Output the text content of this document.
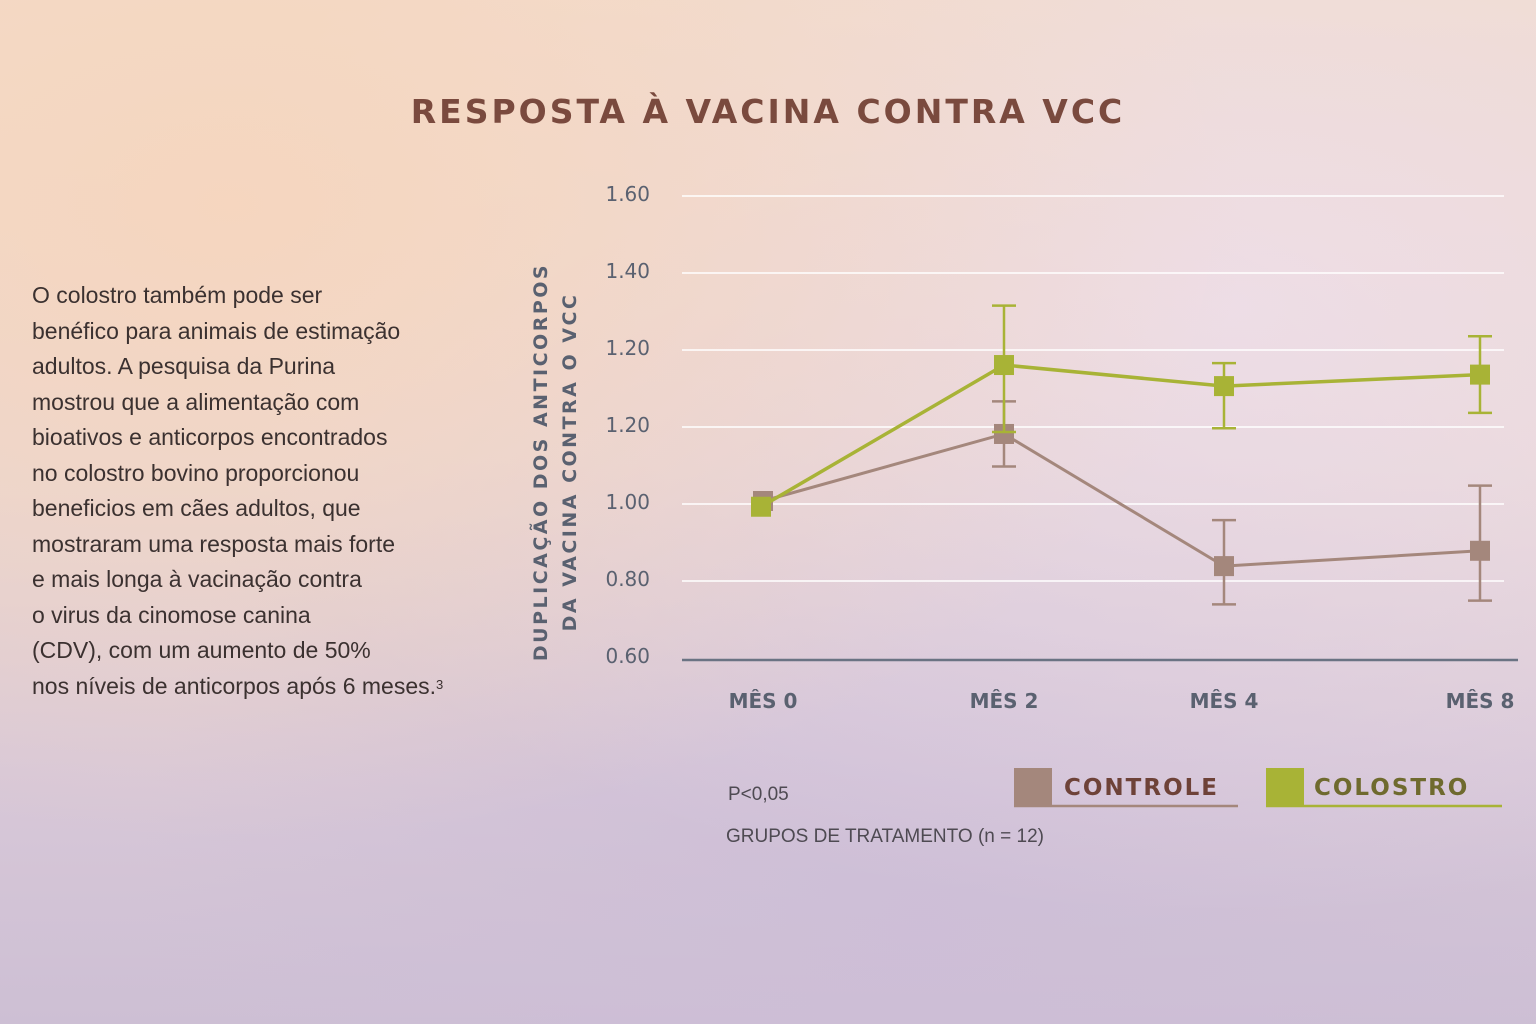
RESPOSTA À VACINA CONTRA VCC
O colostro também pode ser
benéfico para animais de estimação
adultos. A pesquisa da Purina
mostrou que a alimentação com
bioativos e anticorpos encontrados
no colostro bovino proporcionou
beneficios em cães adultos, que
mostraram uma resposta mais forte
e mais longa à vacinação contra
o virus da cinomose canina
(CDV), com um aumento de 50%
nos níveis de anticorpos após 6 meses.$^3$
DUPLICAÇÃO DOS ANTICORPOS DA VACINA CONTRA O VCC
1.60
1.40
1.20
1.20
1.00
0.80
0.60
MÊS 0	MÊS 2	MÊS 4	MÊS 8
CONTROLE	COLOSTRO
P<0,05
GRUPOS DE TRATAMENTO (n = 12)
